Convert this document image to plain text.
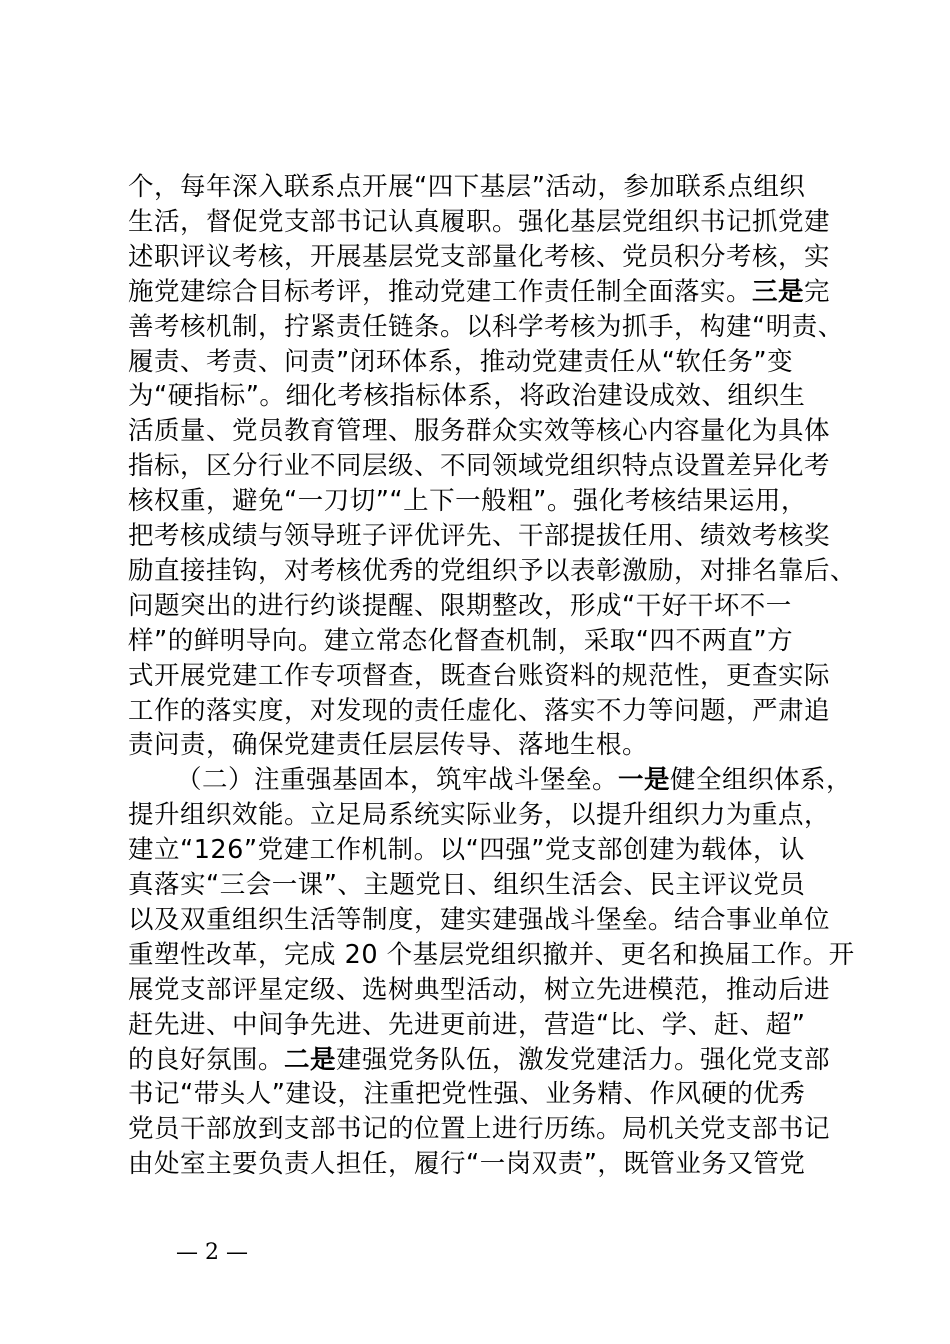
个，每年深入联系点开展“四下基层”活动，参加联系点组织
生活，督促党支部书记认真履职。强化基层党组织书记抓党建
述职评议考核，开展基层党支部量化考核、党员积分考核，实
施党建综合目标考评，推动党建工作责任制全面落实。三是完
善考核机制，拧紧责任链条。以科学考核为抓手，构建“明责、
履责、考责、问责”闭环体系，推动党建责任从“软任务”变
为“硬指标”。细化考核指标体系，将政治建设成效、组织生
活质量、党员教育管理、服务群众实效等核心内容量化为具体
指标，区分行业不同层级、不同领域党组织特点设置差异化考
核权重，避免“一刀切”“上下一般粗”。强化考核结果运用，
把考核成绩与领导班子评优评先、干部提拔任用、绩效考核奖
励直接挂钩，对考核优秀的党组织予以表彰激励，对排名靠后、
问题突出的进行约谈提醒、限期整改，形成“干好干坏不一
样”的鲜明导向。建立常态化督查机制，采取“四不两直”方
式开展党建工作专项督查，既查台账资料的规范性，更查实际
工作的落实度，对发现的责任虚化、落实不力等问题，严肃追
责问责，确保党建责任层层传导、落地生根。
（二）注重强基固本，筑牢战斗堡垒。一是健全组织体系，
提升组织效能。立足局系统实际业务，以提升组织力为重点，
建立“126”党建工作机制。以“四强”党支部创建为载体，认
真落实“三会一课”、主题党日、组织生活会、民主评议党员
以及双重组织生活等制度，建实建强战斗堡垒。结合事业单位
重塑性改革，完成 20 个基层党组织撤并、更名和换届工作。开
展党支部评星定级、选树典型活动，树立先进模范，推动后进
赶先进、中间争先进、先进更前进，营造“比、学、赶、超”
的良好氛围。二是建强党务队伍，激发党建活力。强化党支部
书记“带头人”建设，注重把党性强、业务精、作风硬的优秀
党员干部放到支部书记的位置上进行历练。局机关党支部书记
由处室主要负责人担任，履行“一岗双责”，既管业务又管党
— 2 —
